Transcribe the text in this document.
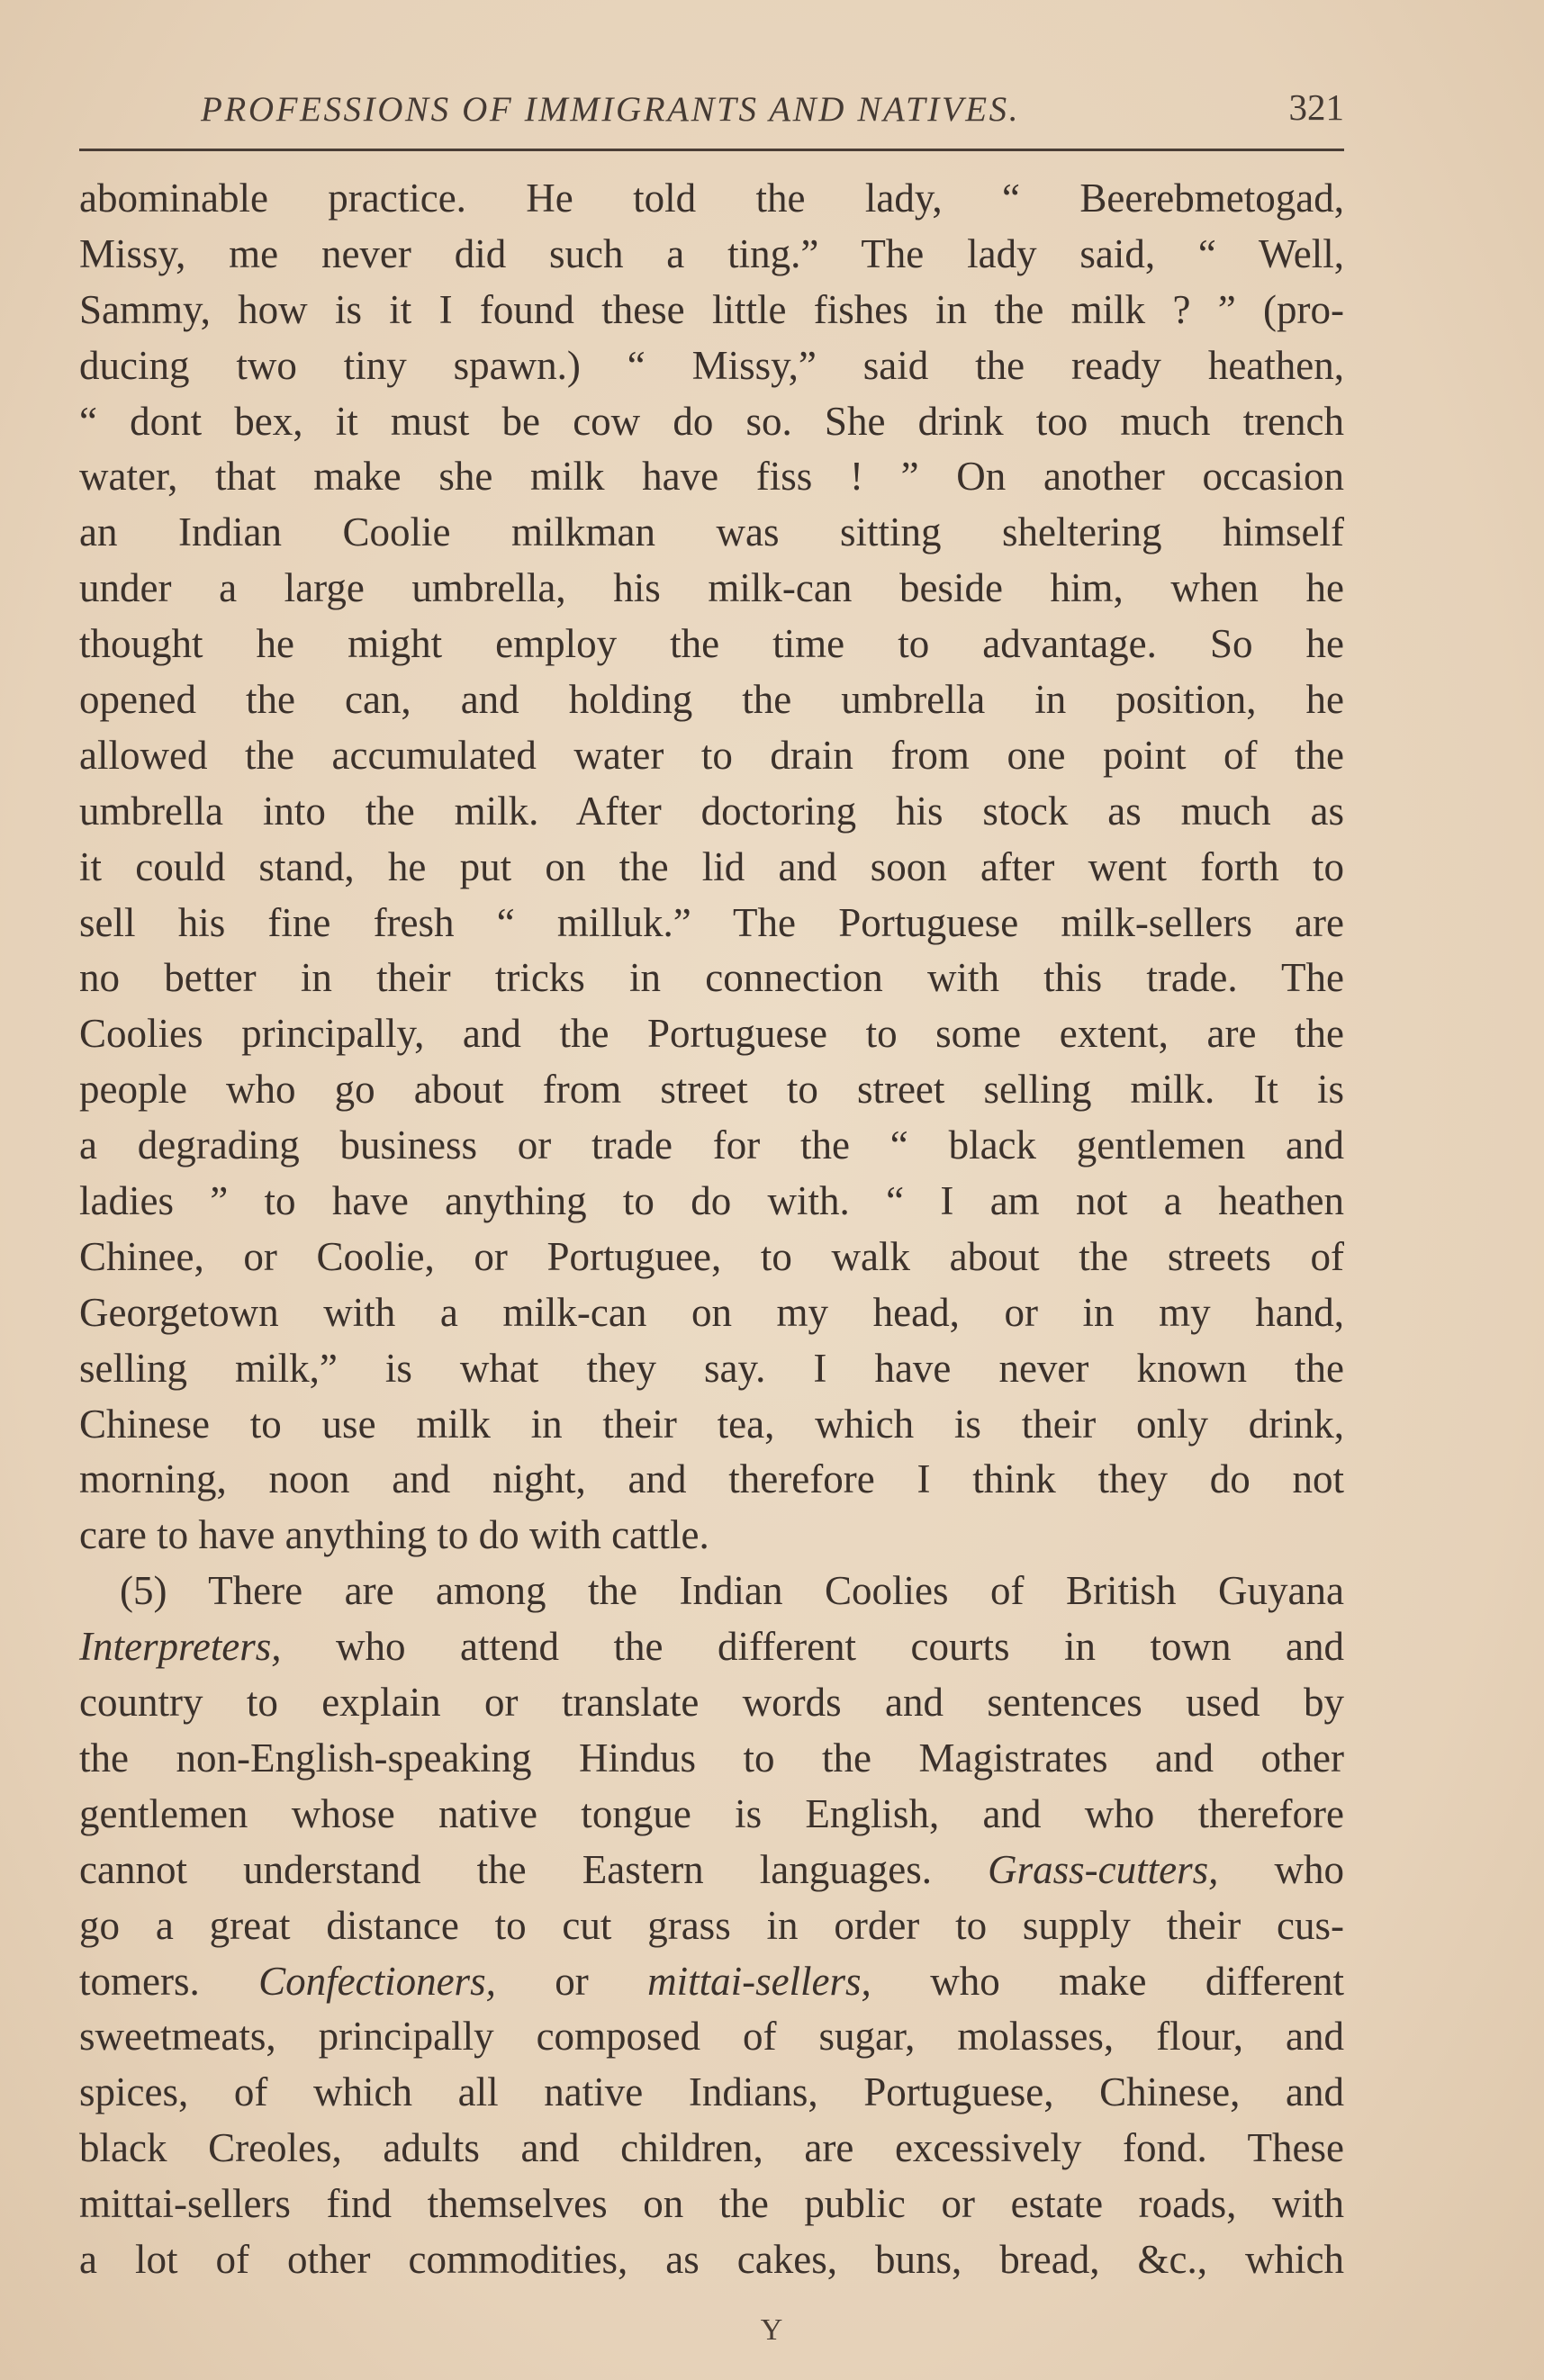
PROFESSIONS OF IMMIGRANTS AND NATIVES.	321
abominable practice. He told the lady, “ Beerebmetogad,
Missy, me never did such a ting.” The lady said, “ Well,
Sammy, how is it I found these little fishes in the milk ? ” (pro-
ducing two tiny spawn.) “ Missy,” said the ready heathen,
“ dont bex, it must be cow do so. She drink too much trench
water, that make she milk have fiss ! ” On another occasion
an Indian Coolie milkman was sitting sheltering himself
under a large umbrella, his milk-can beside him, when he
thought he might employ the time to advantage. So he
opened the can, and holding the umbrella in position, he
allowed the accumulated water to drain from one point of the
umbrella into the milk. After doctoring his stock as much as
it could stand, he put on the lid and soon after went forth to
sell his fine fresh “ milluk.” The Portuguese milk-sellers are
no better in their tricks in connection with this trade. The
Coolies principally, and the Portuguese to some extent, are the
people who go about from street to street selling milk. It is
a degrading business or trade for the “ black gentlemen and
ladies ” to have anything to do with. “ I am not a heathen
Chinee, or Coolie, or Portuguee, to walk about the streets of
Georgetown with a milk-can on my head, or in my hand,
selling milk,” is what they say. I have never known the
Chinese to use milk in their tea, which is their only drink,
morning, noon and night, and therefore I think they do not
care to have anything to do with cattle.
(5) There are among the Indian Coolies of British Guyana
Interpreters, who attend the different courts in town and
country to explain or translate words and sentences used by
the non-English-speaking Hindus to the Magistrates and other
gentlemen whose native tongue is English, and who therefore
cannot understand the Eastern languages. Grass-cutters, who
go a great distance to cut grass in order to supply their cus-
tomers. Confectioners, or mittai-sellers, who make different
sweetmeats, principally composed of sugar, molasses, flour, and
spices, of which all native Indians, Portuguese, Chinese, and
black Creoles, adults and children, are excessively fond. These
mittai-sellers find themselves on the public or estate roads, with
a lot of other commodities, as cakes, buns, bread, &c., which
Y
